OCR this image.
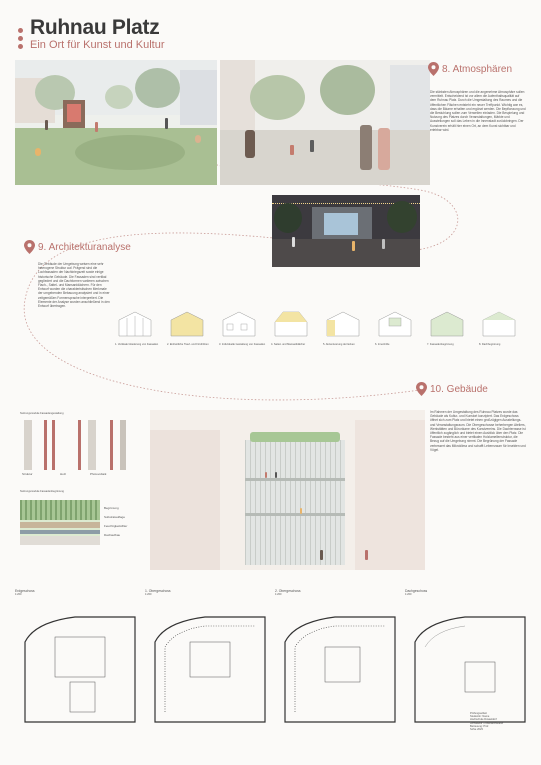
Ruhnau Platz
Ein Ort für Kunst und Kultur
8. Atmosphären
Die stärksten Atmosphären und die angenehme Atmosphäre sollen vermittelt. Entscheidend ist vor allem die Aufenthaltsqualität auf dem Ruhnau Platz. Durch die Umgestaltung des Raumes und die öffentlichen Flächen entsteht ein neuer Treffpunkt. Wichtig war es, dass die Bäume erhalten und ergänzt werden. Die Bepflanzung und die Bestuhlung sollen zum Verweilen einladen. Die Bespielung und Nutzung des Platzes durch Veranstaltungen, Märkte und Ausstellungen soll das Leben in die Innenstadt zurückbringen. Der Kunstverein erhält hier einen Ort, an dem Kunst sichtbar und erlebbar wird.
9. Architekturanalyse
Die Gebäude der Umgebung weisen eine sehr heterogene Struktur auf. Prägend sind die Lochfassaden der Nachkriegszeit sowie einige historische Gebäude. Die Fassaden sind vertikal gegliedert und die Dachformen variieren zwischen Flach-, Sattel- und Mansarddächern. Für den Entwurf wurden die charakteristischen Merkmale der umgebenden Bebauung analysiert und in einer zeitgemäßen Formensprache interpretiert. Die Elemente der Analyse wurden anschließend in den Entwurf übertragen.
1. Vertikale Gliederung von Fassaden	2. Einheitliche Trauf- und Firsthöhen	3. Individuelle Gestaltung von Fassaden	4. Sattel- und Mansarddächer	5. Akzentuierung der Ecken	6. Innenhöfe	7. Fassadenbegrünung	8. Dachbegrünung
10. Gebäude
Im Rahmen der Umgestaltung des Ruhnau Platzes wurde das Gebäude als Kultur- und Kunstort konzipiert. Das Erdgeschoss öffnet sich zum Platz und bietet einen großzügigen Ausstellungs- und Veranstaltungsraum. Die Obergeschosse beherbergen Ateliers, Werkstätten und Büroräume des Kunstvereins. Die Dachterrasse ist öffentlich zugänglich und bietet einen Ausblick über den Platz. Die Fassade besteht aus einer vertikalen Holzlamellenstruktur, die Bezug auf die Umgebung nimmt. Die Begrünung der Fassade verbessert das Mikroklima und schafft Lebensraum für Insekten und Vögel.
Nutzungsmodule Fassadengestaltung
Struktur	Holz	Photovoltaik
Nutzungsmodule Fassadenbegrünung
Begrünung
Substratauflage
Feuchtigkeitsfilter
Dachaufbau
Erdgeschoss
1:200
1. Obergeschoss
1:200
2. Obergeschoss
1:200
Dachgeschoss
1:200
Prüfungsarbeit
Studentin: Name
Hochschule Düsseldorf
Architektur / Innenarchitektur
Betreuung: Prof.
SoSe 2023
